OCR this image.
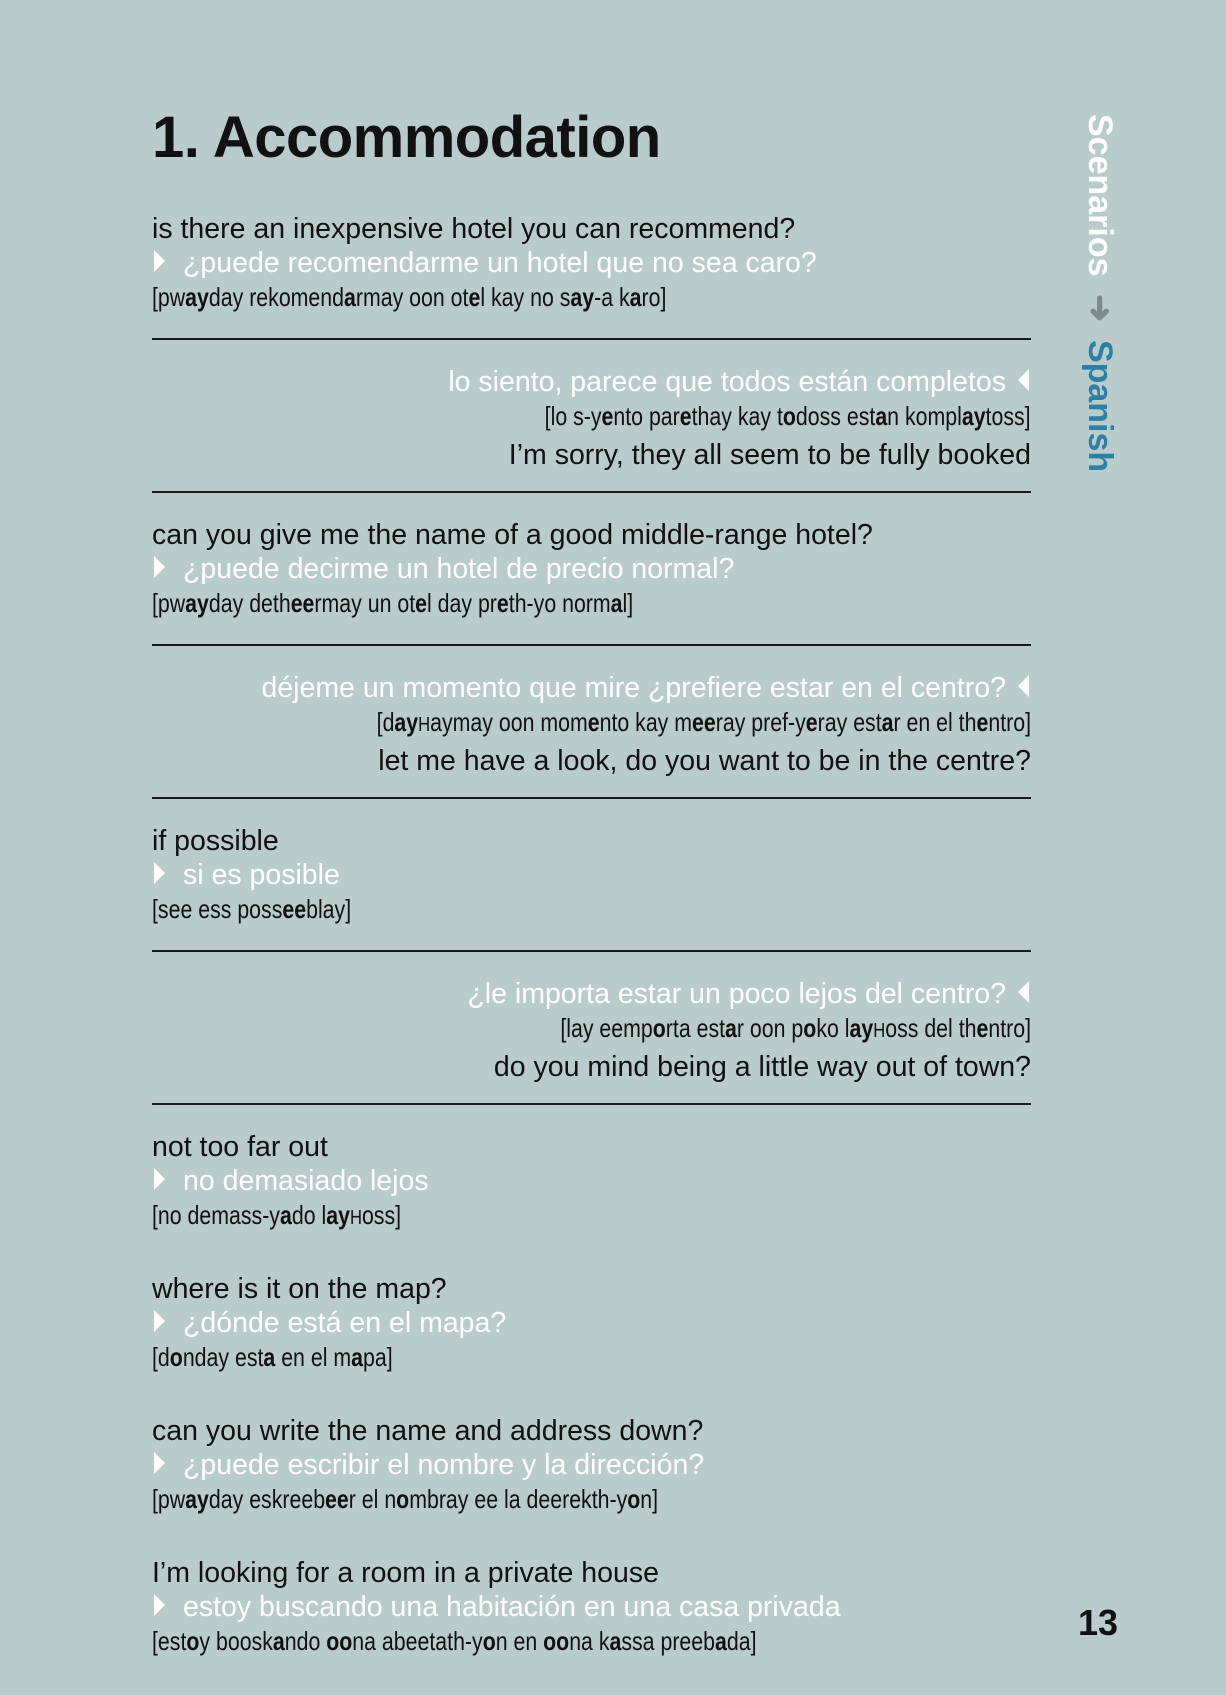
1. Accommodation	Scenarios ➜ Spanish
is there an inexpensive hotel you can recommend?
¿puede recomendarme un hotel que no sea caro?
[pwayday rekomendarmay oon otel kay no say-a karo]
lo siento, parece que todos están completos
[lo s-yento parethay kay todoss estan komplaytoss]
I’m sorry, they all seem to be fully booked
can you give me the name of a good middle-range hotel?
¿puede decirme un hotel de precio normal?
[pwayday detheermay un otel day preth-yo normal]
déjeme un momento que mire ¿prefiere estar en el centro?
[dayHaymay oon momento kay meeray pref-yeray estar en el thentro]
let me have a look, do you want to be in the centre?
if possible
si es posible
[see ess posseeblay]
¿le importa estar un poco lejos del centro?
[lay eemporta estar oon poko layHoss del thentro]
do you mind being a little way out of town?
not too far out
no demasiado lejos
[no demass-yado layHoss]
where is it on the map?
¿dónde está en el mapa?
[donday esta en el mapa]
can you write the name and address down?
¿puede escribir el nombre y la dirección?
[pwayday eskreebeer el nombray ee la deerekth-yon]
I’m looking for a room in a private house
estoy buscando una habitación en una casa privada
[estoy booskando oona abeetath-yon en oona kassa preebada]	13
